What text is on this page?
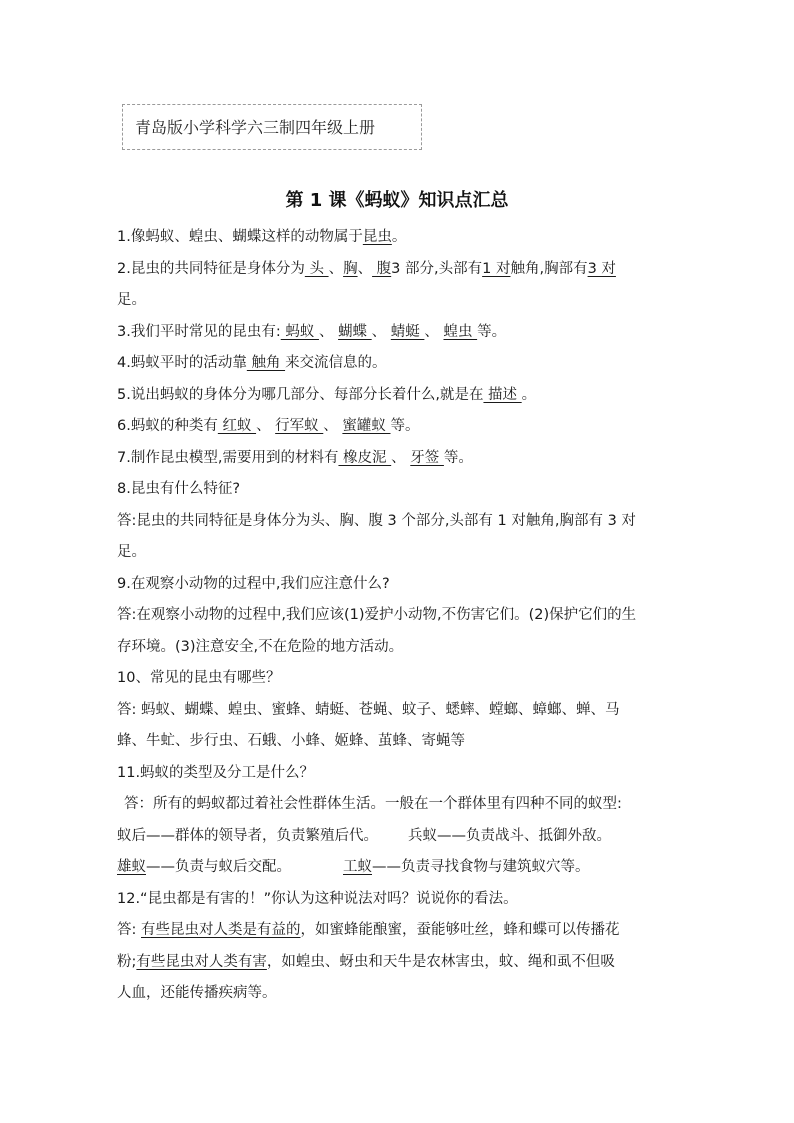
青岛版小学科学六三制四年级上册
第 1 课《蚂蚁》知识点汇总
1.像蚂蚁、蝗虫、蝴蝶这样的动物属于昆虫。
2.昆虫的共同特征是身体分为 头 、胸、 腹3 部分,头部有1 对触角,胸部有3 对
足。
3.我们平时常见的昆虫有: 蚂蚁 、 蝴蝶 、 蜻蜓 、 蝗虫 等。
4.蚂蚁平时的活动靠 触角 来交流信息的。
5.说出蚂蚁的身体分为哪几部分、每部分长着什么,就是在 描述 。
6.蚂蚁的种类有 红蚁 、 行军蚁 、 蜜罐蚁 等。
7.制作昆虫模型,需要用到的材料有 橡皮泥 、 牙签 等。
8.昆虫有什么特征?
答:昆虫的共同特征是身体分为头、胸、腹 3 个部分,头部有 1 对触角,胸部有 3 对
足。
9.在观察小动物的过程中,我们应注意什么?
答:在观察小动物的过程中,我们应该(1)爱护小动物,不伤害它们。(2)保护它们的生
存环境。(3)注意安全,不在危险的地方活动。
10、常见的昆虫有哪些？
答: 蚂蚁、蝴蝶、蝗虫、蜜蜂、蜻蜓、苍蝇、蚊子、蟋蟀、螳螂、蟑螂、蝉、马
蜂、牛虻、步行虫、石蛾、小蜂、姬蜂、茧蜂、寄蝇等
11.蚂蚁的类型及分工是什么？
答：所有的蚂蚁都过着社会性群体生活。一般在一个群体里有四种不同的蚁型:
蚁后——群体的领导者，负责繁殖后代。 兵蚁——负责战斗、抵御外敌。
雄蚁——负责与蚁后交配。	工蚁——负责寻找食物与建筑蚁穴等。
12.“昆虫都是有害的！”你认为这种说法对吗？说说你的看法。
答: 有些昆虫对人类是有益的，如蜜蜂能酿蜜，蚕能够吐丝，蜂和蝶可以传播花
粉;有些昆虫对人类有害，如蝗虫、蚜虫和天牛是农林害虫，蚊、绳和虱不但吸
人血，还能传播疾病等。
